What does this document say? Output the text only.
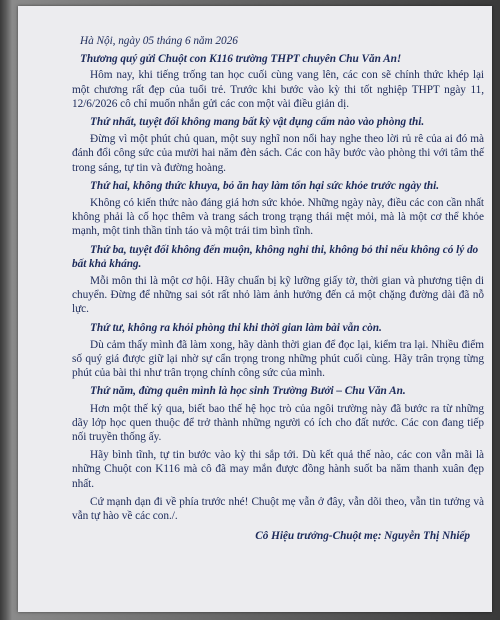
Hà Nội, ngày 05 tháng 6 năm 2026
Thương quý gửi Chuột con K116 trường THPT chuyên Chu Văn An!

Hôm nay, khi tiếng trống tan học cuối cùng vang lên, các con sẽ chính thức khép lại một chương rất đẹp của tuổi trẻ. Trước khi bước vào kỳ thi tốt nghiệp THPT ngày 11, 12/6/2026 cô chỉ muốn nhắn gửi các con một vài điều giản dị.

Thứ nhất, tuyệt đối không mang bất kỳ vật dụng cấm nào vào phòng thi.

Đừng vì một phút chủ quan, một suy nghĩ non nổi hay nghe theo lời rủ rê của ai đó mà đánh đổi công sức của mười hai năm đèn sách. Các con hãy bước vào phòng thi với tâm thế trong sáng, tự tin và đường hoàng.

Thứ hai, không thức khuya, bỏ ăn hay làm tổn hại sức khỏe trước ngày thi.

Không có kiến thức nào đáng giá hơn sức khỏe. Những ngày này, điều các con cần nhất không phải là cố học thêm và trang sách trong trạng thái mệt mỏi, mà là một cơ thể khỏe mạnh, một tinh thần tỉnh táo và một trái tim bình tĩnh.

Thứ ba, tuyệt đối không đến muộn, không nghỉ thi, không bỏ thi nếu không có lý do bất khả kháng.

Mỗi môn thi là một cơ hội. Hãy chuẩn bị kỹ lưỡng giấy tờ, thời gian và phương tiện di chuyển. Đừng để những sai sót rất nhỏ làm ảnh hưởng đến cả một chặng đường dài đã nỗ lực.

Thứ tư, không ra khỏi phòng thi khi thời gian làm bài vẫn còn.

Dù cảm thấy mình đã làm xong, hãy dành thời gian để đọc lại, kiểm tra lại. Nhiều điểm số quý giá được giữ lại nhờ sự cẩn trọng trong những phút cuối cùng. Hãy trân trọng từng phút của bài thi như trân trọng chính công sức của mình.

Thứ năm, đừng quên mình là học sinh Trường Bưởi – Chu Văn An.

Hơn một thế kỷ qua, biết bao thế hệ học trò của ngôi trường này đã bước ra từ những dãy lớp học quen thuộc để trở thành những người có ích cho đất nước. Các con đang tiếp nối truyền thống ấy.

Hãy bình tĩnh, tự tin bước vào kỳ thi sắp tới. Dù kết quả thế nào, các con vẫn mãi là những Chuột con K116 mà cô đã may mắn được đồng hành suốt ba năm thanh xuân đẹp nhất.

Cứ mạnh dạn đi về phía trước nhé! Chuột mẹ vẫn ở đây, vẫn dõi theo, vẫn tin tưởng và vẫn tự hào về các con./.

Cô Hiệu trưởng-Chuột mẹ: Nguyễn Thị Nhiếp
